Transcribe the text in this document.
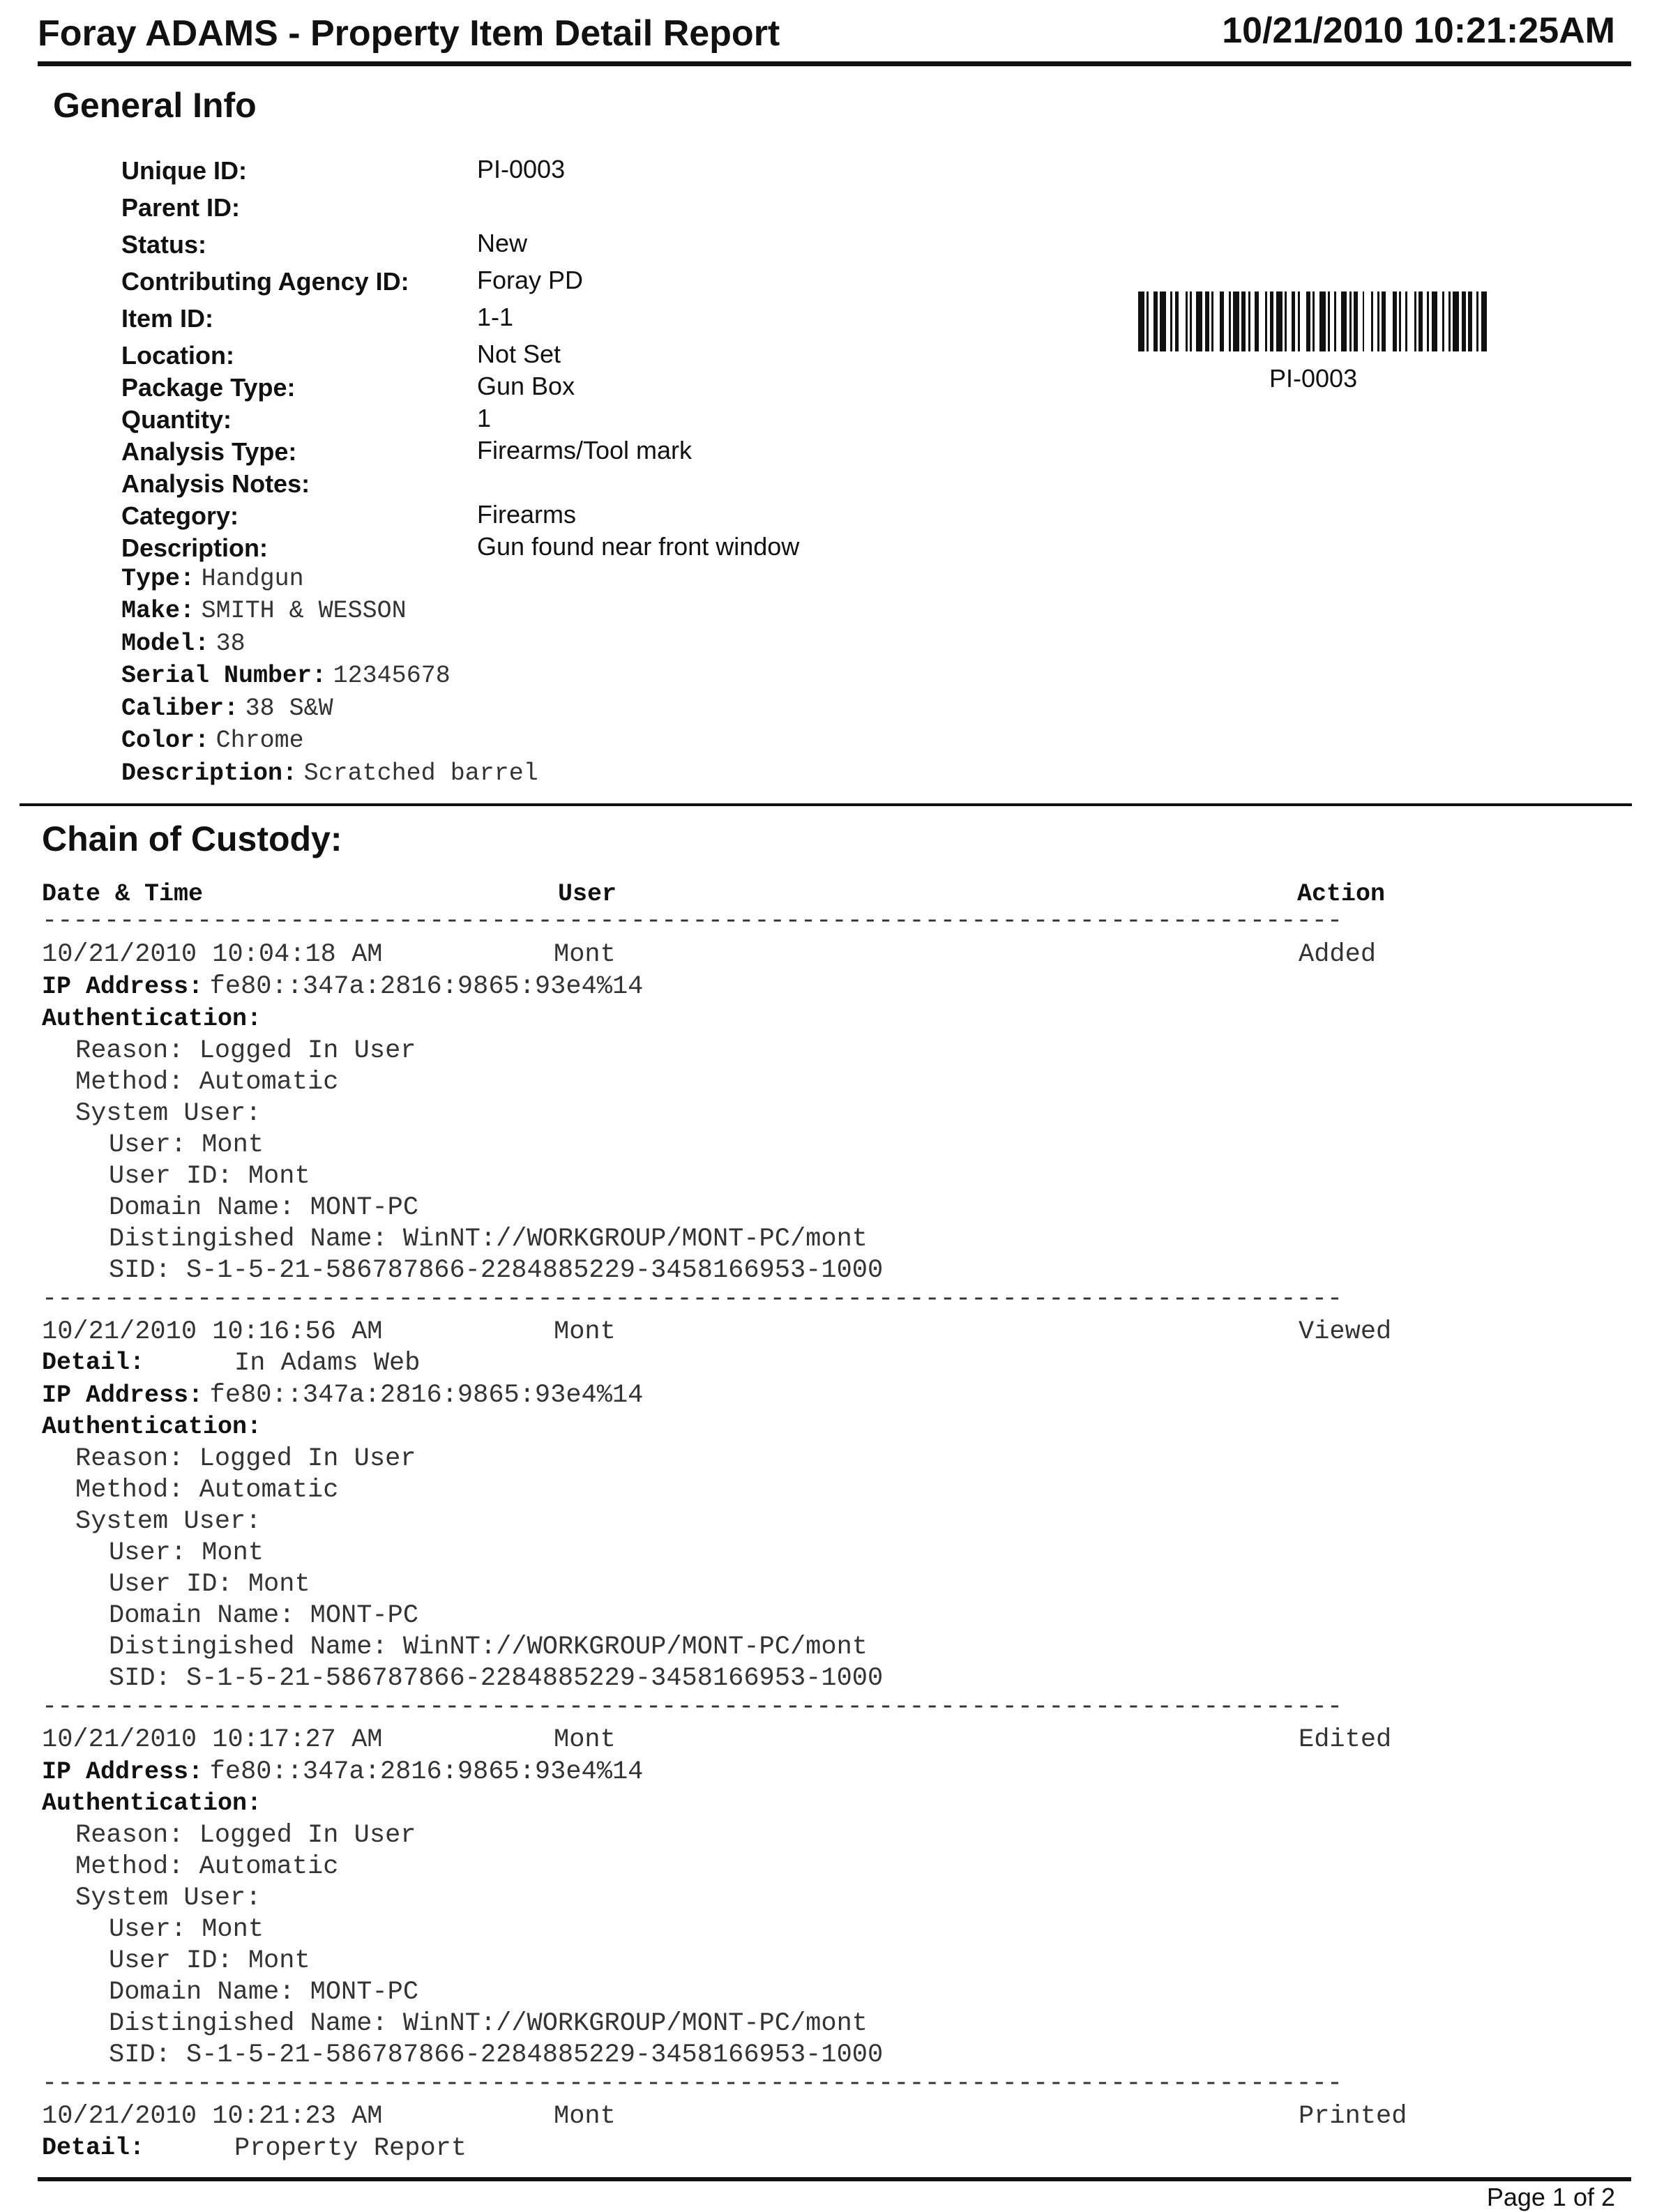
Foray ADAMS - Property Item Detail Report	10/21/2010 10:21:25AM
General Info
Unique ID:	PI-0003
Parent ID:
Status:	New
Contributing Agency ID:	Foray PD
Item ID:	1-1
Location:	Not Set
Package Type:	Gun Box
Quantity:	1
Analysis Type:	Firearms/Tool mark
Analysis Notes:
Category:	Firearms
Description:	Gun found near front window
Type: Handgun
Make: SMITH & WESSON
Model: 38
Serial Number: 12345678
Caliber: 38 S&W
Color: Chrome
Description: Scratched barrel
PI-0003
Chain of Custody:
Date & Time	User	Action
------------------------------------------------------------------------------------
10/21/2010 10:04:18 AM	Mont	Added
IP Address: fe80::347a:2816:9865:93e4%14
Authentication:
Reason: Logged In User
Method: Automatic
System User:
User: Mont
User ID: Mont
Domain Name: MONT-PC
Distingished Name: WinNT://WORKGROUP/MONT-PC/mont
SID: S-1-5-21-586787866-2284885229-3458166953-1000
------------------------------------------------------------------------------------
10/21/2010 10:16:56 AM	Mont	Viewed
Detail:	In Adams Web
IP Address: fe80::347a:2816:9865:93e4%14
Authentication:
Reason: Logged In User
Method: Automatic
System User:
User: Mont
User ID: Mont
Domain Name: MONT-PC
Distingished Name: WinNT://WORKGROUP/MONT-PC/mont
SID: S-1-5-21-586787866-2284885229-3458166953-1000
------------------------------------------------------------------------------------
10/21/2010 10:17:27 AM	Mont	Edited
IP Address: fe80::347a:2816:9865:93e4%14
Authentication:
Reason: Logged In User
Method: Automatic
System User:
User: Mont
User ID: Mont
Domain Name: MONT-PC
Distingished Name: WinNT://WORKGROUP/MONT-PC/mont
SID: S-1-5-21-586787866-2284885229-3458166953-1000
------------------------------------------------------------------------------------
10/21/2010 10:21:23 AM	Mont	Printed
Detail:	Property Report
Page 1 of 2
